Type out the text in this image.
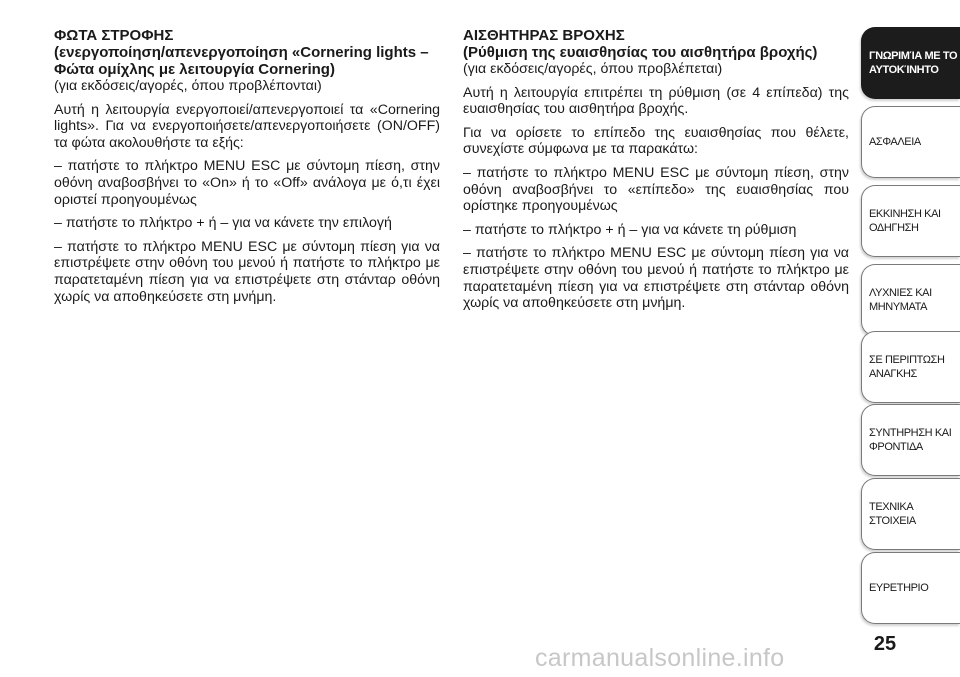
ΦΩΤΑ ΣΤΡΟΦΗΣ
(ενεργοποίηση/απενεργοποίηση «Cornering lights – Φώτα ομίχλης με λειτουργία Cornering)

(για εκδόσεις/αγορές, όπου προβλέπονται)

Αυτή η λειτουργία ενεργοποιεί/απενεργοποιεί τα «Cornering lights». Για να ενεργοποιήσετε/απενεργοποιήσετε (ON/OFF) τα φώτα ακολουθήστε τα εξής:

– πατήστε το πλήκτρο MENU ESC με σύντομη πίεση, στην οθόνη αναβοσβήνει το «On» ή το «Off» ανάλογα με ό,τι έχει οριστεί προηγουμένως

– πατήστε το πλήκτρο + ή – για να κάνετε την επιλογή

– πατήστε το πλήκτρο MENU ESC με σύντομη πίεση για να επιστρέψετε στην οθόνη του μενού ή πατήστε το πλήκτρο με παρατεταμένη πίεση για να επιστρέψετε στη στάνταρ οθόνη χωρίς να αποθηκεύσετε στη μνήμη.

ΑΙΣΘΗΤΗΡΑΣ ΒΡΟΧΗΣ
(Ρύθμιση της ευαισθησίας του αισθητήρα βροχής)

(για εκδόσεις/αγορές, όπου προβλέπεται)

Αυτή η λειτουργία επιτρέπει τη ρύθμιση (σε 4 επίπεδα) της ευαισθησίας του αισθητήρα βροχής.

Για να ορίσετε το επίπεδο της ευαισθησίας που θέλετε, συνεχίστε σύμφωνα με τα παρακάτω:

– πατήστε το πλήκτρο MENU ESC με σύντομη πίεση, στην οθόνη αναβοσβήνει το «επίπεδο» της ευαισθησίας που ορίστηκε προηγουμένως

– πατήστε το πλήκτρο + ή – για να κάνετε τη ρύθμιση

– πατήστε το πλήκτρο MENU ESC με σύντομη πίεση για να επιστρέψετε στην οθόνη του μενού ή πατήστε το πλήκτρο με παρατεταμένη πίεση για να επιστρέψετε στη στάνταρ οθόνη χωρίς να αποθηκεύσετε στη μνήμη.

ΓΝΩΡΙΜΊΑ ΜΕ ΤΟ
ΑΥΤΟΚΊΝΗΤΟ
ΑΣΦΑΛΕΙΑ
ΕΚΚΙΝΗΣΗ ΚΑΙ
ΟΔΗΓΗΣΗ
ΛΥΧΝΙΕΣ ΚΑΙ
ΜΗΝΥΜΑΤΑ
ΣΕ ΠΕΡΙΠΤΩΣΗ
ΑΝΑΓΚΗΣ
ΣΥΝΤΗΡΗΣΗ ΚΑΙ
ΦΡΟΝΤΙΔΑ
ΤΕΧΝΙΚΑ ΣΤΟΙΧΕΙΑ
ΕΥΡΕΤΗΡΙΟ
25
carmanualsonline.info
